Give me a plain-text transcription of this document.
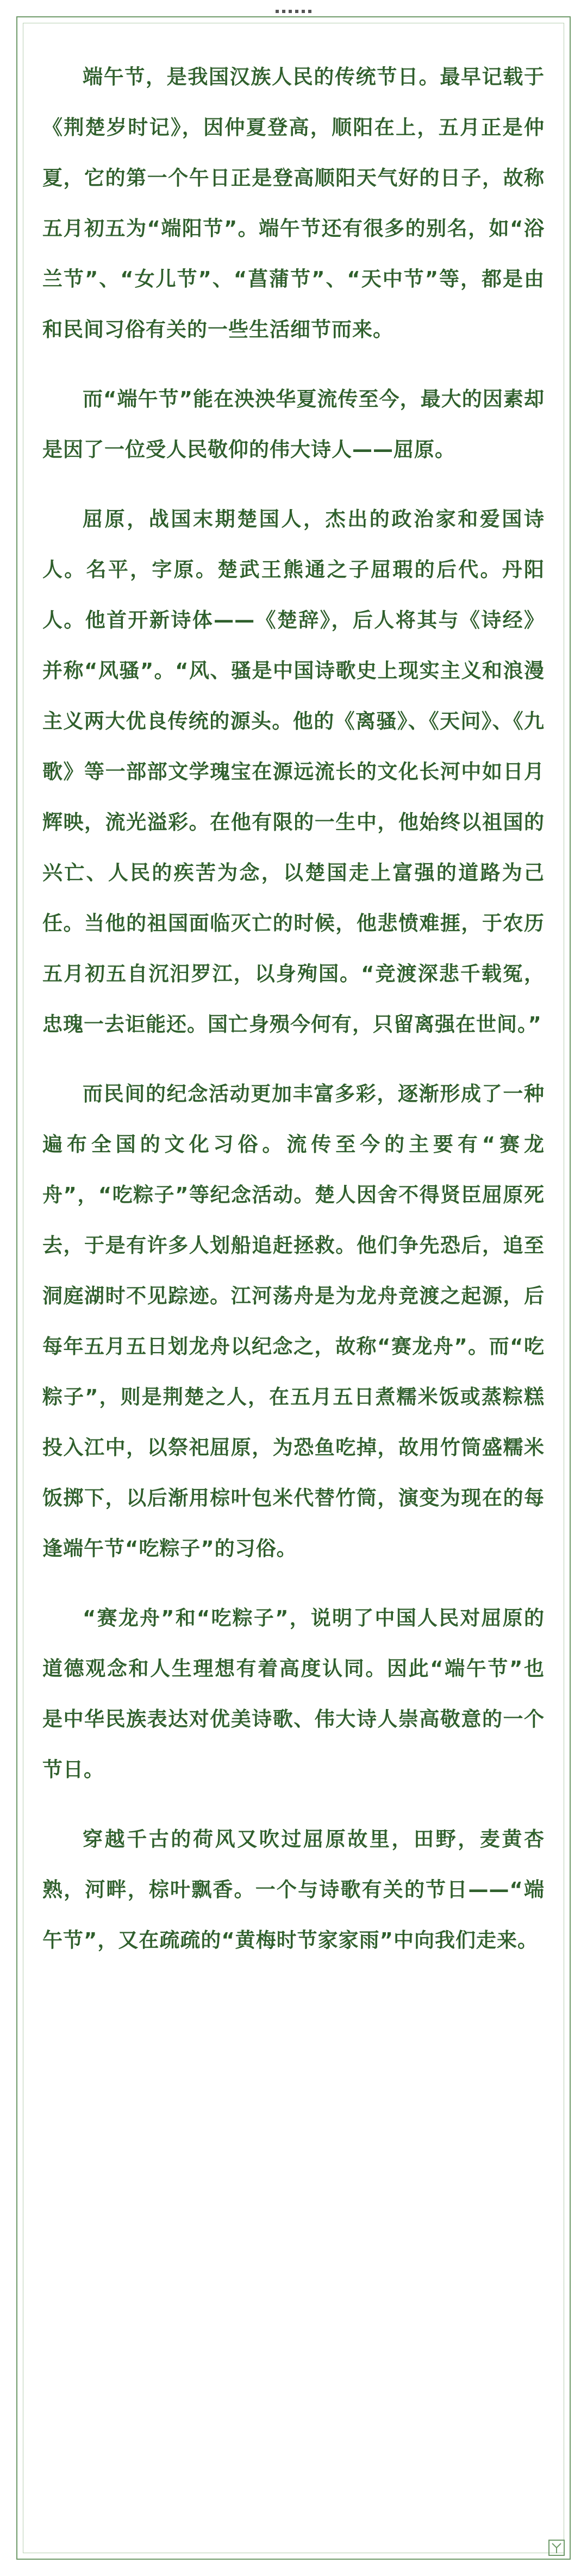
端午节，是我国汉族人民的传统节日。最早记载于《荆楚岁时记》，因仲夏登高，顺阳在上，五月正是仲夏，它的第一个午日正是登高顺阳天气好的日子，故称五月初五为“端阳节”。端午节还有很多的别名，如“浴兰节”、“女儿节”、“菖蒲节”、“天中节”等，都是由和民间习俗有关的一些生活细节而来。

而“端午节”能在泱泱华夏流传至今，最大的因素却是因了一位受人民敬仰的伟大诗人——屈原。

屈原，战国末期楚国人，杰出的政治家和爱国诗人。名平，字原。楚武王熊通之子屈瑕的后代。丹阳人。他首开新诗体——《楚辞》，后人将其与《诗经》并称“风骚”。“风、骚是中国诗歌史上现实主义和浪漫主义两大优良传统的源头。他的《离骚》、《天问》、《九歌》等一部部文学瑰宝在源远流长的文化长河中如日月辉映，流光溢彩。在他有限的一生中，他始终以祖国的兴亡、人民的疾苦为念，以楚国走上富强的道路为己任。当他的祖国面临灭亡的时候，他悲愤难捱，于农历五月初五自沉汨罗江，以身殉国。“竞渡深悲千载冤，忠瑰一去讵能还。国亡身殒今何有，只留离强在世间。”

而民间的纪念活动更加丰富多彩，逐渐形成了一种遍布全国的文化习俗。流传至今的主要有“赛龙舟”，“吃粽子”等纪念活动。楚人因舍不得贤臣屈原死去，于是有许多人划船追赶拯救。他们争先恐后，追至洞庭湖时不见踪迹。江河荡舟是为龙舟竞渡之起源，后每年五月五日划龙舟以纪念之，故称“赛龙舟”。而“吃粽子”，则是荆楚之人，在五月五日煮糯米饭或蒸粽糕投入江中，以祭祀屈原，为恐鱼吃掉，故用竹筒盛糯米饭掷下，以后渐用棕叶包米代替竹筒，演变为现在的每逢端午节“吃粽子”的习俗。

“赛龙舟”和“吃粽子”，说明了中国人民对屈原的道德观念和人生理想有着高度认同。因此“端午节”也是中华民族表达对优美诗歌、伟大诗人崇高敬意的一个节日。

穿越千古的荷风又吹过屈原故里，田野，麦黄杏熟，河畔，棕叶飘香。一个与诗歌有关的节日——“端午节”，又在疏疏的“黄梅时节家家雨”中向我们走来。
